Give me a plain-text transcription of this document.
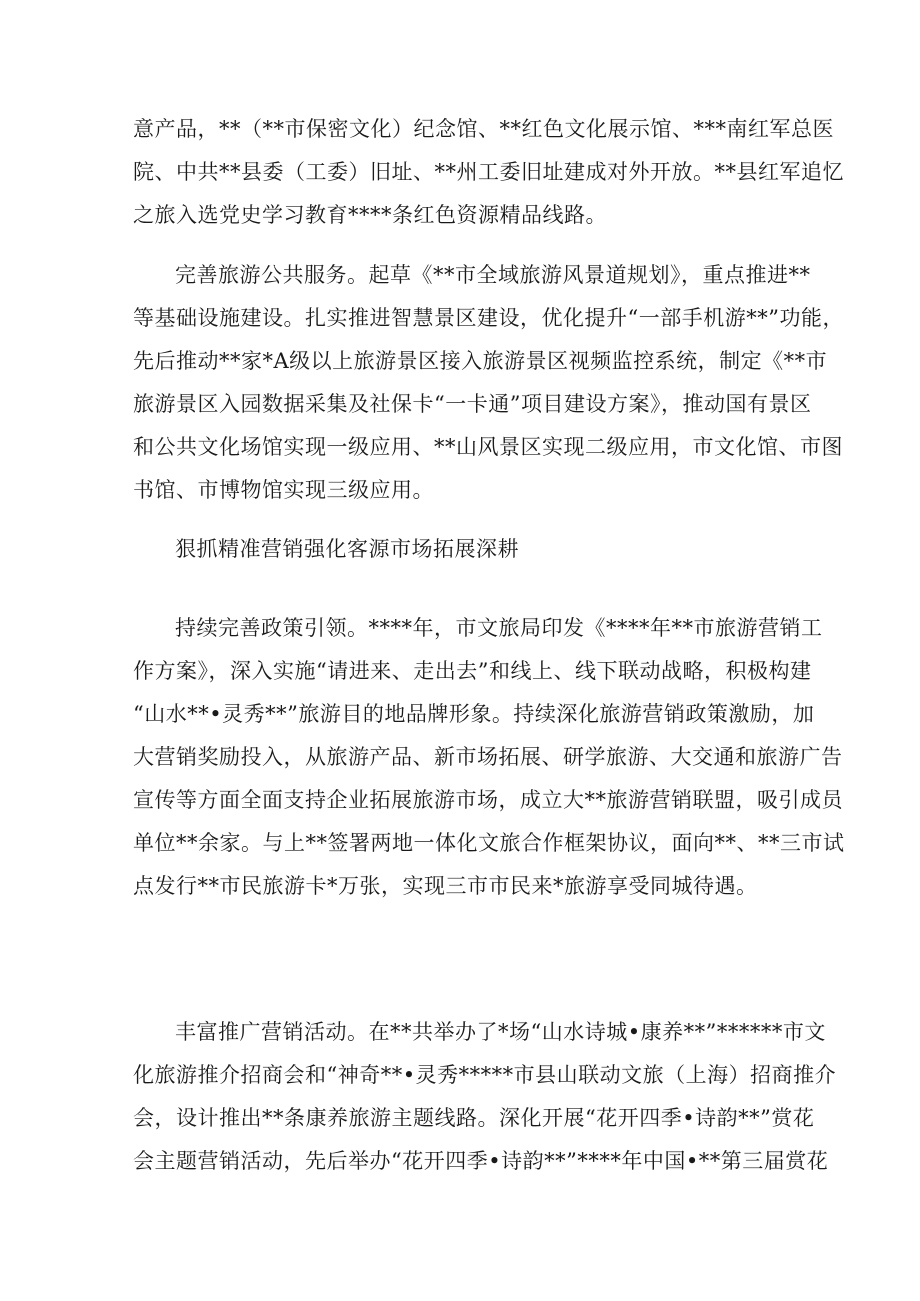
意产品，**（**市保密文化）纪念馆、**红色文化展示馆、***南红军总医
院、中共**县委（工委）旧址、**州工委旧址建成对外开放。**县红军追忆
之旅入选党史学习教育****条红色资源精品线路。
完善旅游公共服务。起草《**市全域旅游风景道规划》，重点推进**
等基础设施建设。扎实推进智慧景区建设，优化提升“一部手机游**”功能，
先后推动**家*A级以上旅游景区接入旅游景区视频监控系统，制定《**市
旅游景区入园数据采集及社保卡“一卡通”项目建设方案》，推动国有景区
和公共文化场馆实现一级应用、**山风景区实现二级应用，市文化馆、市图
书馆、市博物馆实现三级应用。
狠抓精准营销强化客源市场拓展深耕
持续完善政策引领。****年，市文旅局印发《****年**市旅游营销工
作方案》，深入实施“请进来、走出去”和线上、线下联动战略，积极构建
“山水**•灵秀**”旅游目的地品牌形象。持续深化旅游营销政策激励，加
大营销奖励投入，从旅游产品、新市场拓展、研学旅游、大交通和旅游广告
宣传等方面全面支持企业拓展旅游市场，成立大**旅游营销联盟，吸引成员
单位**余家。与上**签署两地一体化文旅合作框架协议，面向**、**三市试
点发行**市民旅游卡*万张，实现三市市民来*旅游享受同城待遇。
丰富推广营销活动。在**共举办了*场“山水诗城•康养**”******市文
化旅游推介招商会和“神奇**•灵秀*****市县山联动文旅（上海）招商推介
会，设计推出**条康养旅游主题线路。深化开展“花开四季•诗韵**”赏花
会主题营销活动，先后举办“花开四季•诗韵**”****年中国•**第三届赏花
